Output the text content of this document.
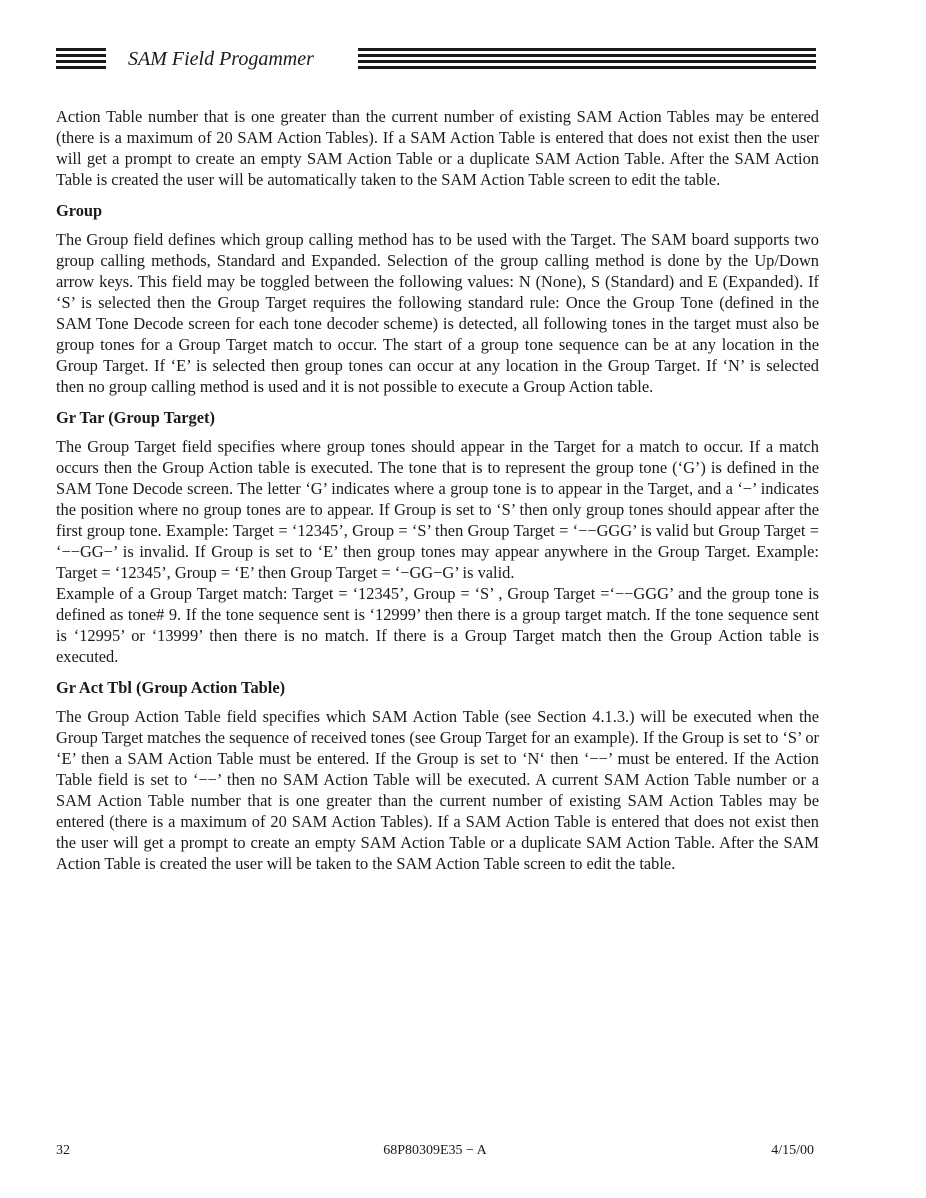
SAM Field Progammer

Action Table number that is one greater than the current number of existing SAM Action Tables may be entered (there is a maximum of 20 SAM Action Tables). If a SAM Action Table is entered that does not exist then the user will get a prompt to create an empty SAM Action Table or a duplicate SAM Action Table. After the SAM Action Table is created the user will be automatically taken to the SAM Action Table screen to edit the table.

Group

The Group field defines which group calling method has to be used with the Target. The SAM board supports two group calling methods, Standard and Expanded. Selection of the group calling method is done by the Up/Down arrow keys. This field may be toggled between the following values: N (None), S (Standard) and E (Expanded). If ‘S’ is selected then the Group Target requires the following standard rule: Once the Group Tone (defined in the SAM Tone Decode screen for each tone decoder scheme) is detected, all following tones in the target must also be group tones for a Group Target match to occur. The start of a group tone sequence can be at any location in the Group Target. If ‘E’ is selected then group tones can occur at any location in the Group Target. If ‘N’ is selected then no group calling method is used and it is not possible to execute a Group Action table.

Gr Tar (Group Target)

The Group Target field specifies where group tones should appear in the Target for a match to occur. If a match occurs then the Group Action table is executed. The tone that is to represent the group tone (‘G’) is defined in the SAM Tone Decode screen. The letter ‘G’ indicates where a group tone is to appear in the Target, and a ‘−’ indicates the position where no group tones are to appear. If Group is set to ‘S’ then only group tones should appear after the first group tone. Example: Target = ‘12345’, Group = ‘S’ then Group Target = ‘−−GGG’ is valid but Group Target = ‘−−GG−’ is invalid. If Group is set to ‘E’ then group tones may appear anywhere in the Group Target. Example: Target = ‘12345’, Group = ‘E’ then Group Target = ‘−GG−G’ is valid.

Example of a Group Target match: Target = ‘12345’, Group = ‘S’ , Group Target =‘−−GGG’ and the group tone is defined as tone# 9. If the tone sequence sent is ‘12999’ then there is a group target match. If the tone sequence sent is ‘12995’ or ‘13999’ then there is no match. If there is a Group Target match then the Group Action table is executed.

Gr Act Tbl (Group Action Table)

The Group Action Table field specifies which SAM Action Table (see Section 4.1.3.) will be executed when the Group Target matches the sequence of received tones (see Group Target for an example). If the Group is set to ‘S’ or ‘E’ then a SAM Action Table must be entered. If the Group is set to ‘N‘ then ‘−−’ must be entered. If the Action Table field is set to ‘−−’ then no SAM Action Table will be executed. A current SAM Action Table number or a SAM Action Table number that is one greater than the current number of existing SAM Action Tables may be entered (there is a maximum of 20 SAM Action Tables). If a SAM Action Table is entered that does not exist then the user will get a prompt to create an empty SAM Action Table or a duplicate SAM Action Table. After the SAM Action Table is created the user will be taken to the SAM Action Table screen to edit the table.

32	68P80309E35 − A	4/15/00
